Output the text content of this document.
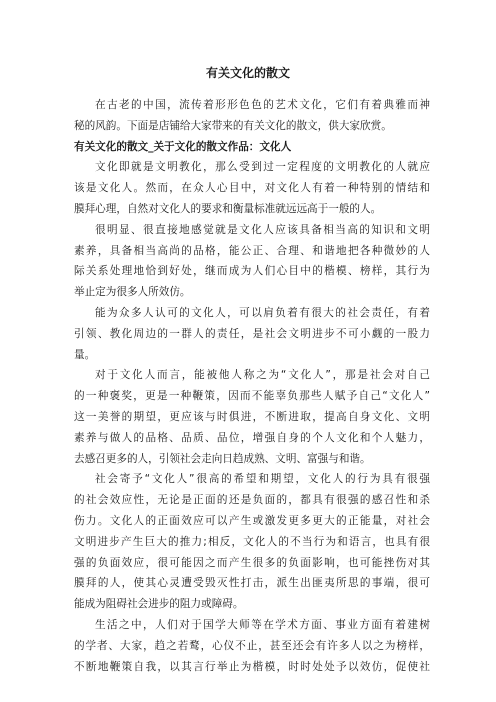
有关文化的散文
在古老的中国，流传着形形色色的艺术文化，它们有着典雅而神
秘的风韵。下面是店铺给大家带来的有关文化的散文，供大家欣赏。
有关文化的散文_关于文化的散文作品：文化人
文化即就是文明教化，那么受到过一定程度的文明教化的人就应
该是文化人。然而，在众人心目中，对文化人有着一种特别的情结和
膜拜心理，自然对文化人的要求和衡量标准就远远高于一般的人。
很明显、很直接地感觉就是文化人应该具备相当高的知识和文明
素养，具备相当高尚的品格，能公正、合理、和谐地把各种微妙的人
际关系处理地恰到好处，继而成为人们心目中的楷模、榜样，其行为
举止定为很多人所效仿。
能为众多人认可的文化人，可以肩负着有很大的社会责任，有着
引领、教化周边的一群人的责任，是社会文明进步不可小觑的一股力
量。
对于文化人而言，能被他人称之为“文化人”，那是社会对自己
的一种褒奖，更是一种鞭策，因而不能辜负那些人赋予自己“文化人”
这一美誉的期望，更应该与时俱进，不断进取，提高自身文化、文明
素养与做人的品格、品质、品位，增强自身的个人文化和个人魅力，
去感召更多的人，引领社会走向日趋成熟、文明、富强与和谐。
社会寄予“文化人”很高的希望和期望，文化人的行为具有很强
的社会效应性，无论是正面的还是负面的，都具有很强的感召性和杀
伤力。文化人的正面效应可以产生或激发更多更大的正能量，对社会
文明进步产生巨大的推力;相反，文化人的不当行为和语言，也具有很
强的负面效应，很可能因之而产生很多的负面影响，也可能挫伤对其
膜拜的人，使其心灵遭受毁灭性打击，派生出匪夷所思的事端，很可
能成为阻碍社会进步的阻力或障碍。
生活之中，人们对于国学大师等在学术方面、事业方面有着建树
的学者、大家，趋之若鹜，心仪不止，甚至还会有许多人以之为榜样，
不断地鞭策自我，以其言行举止为楷模，时时处处予以效仿，促使社
